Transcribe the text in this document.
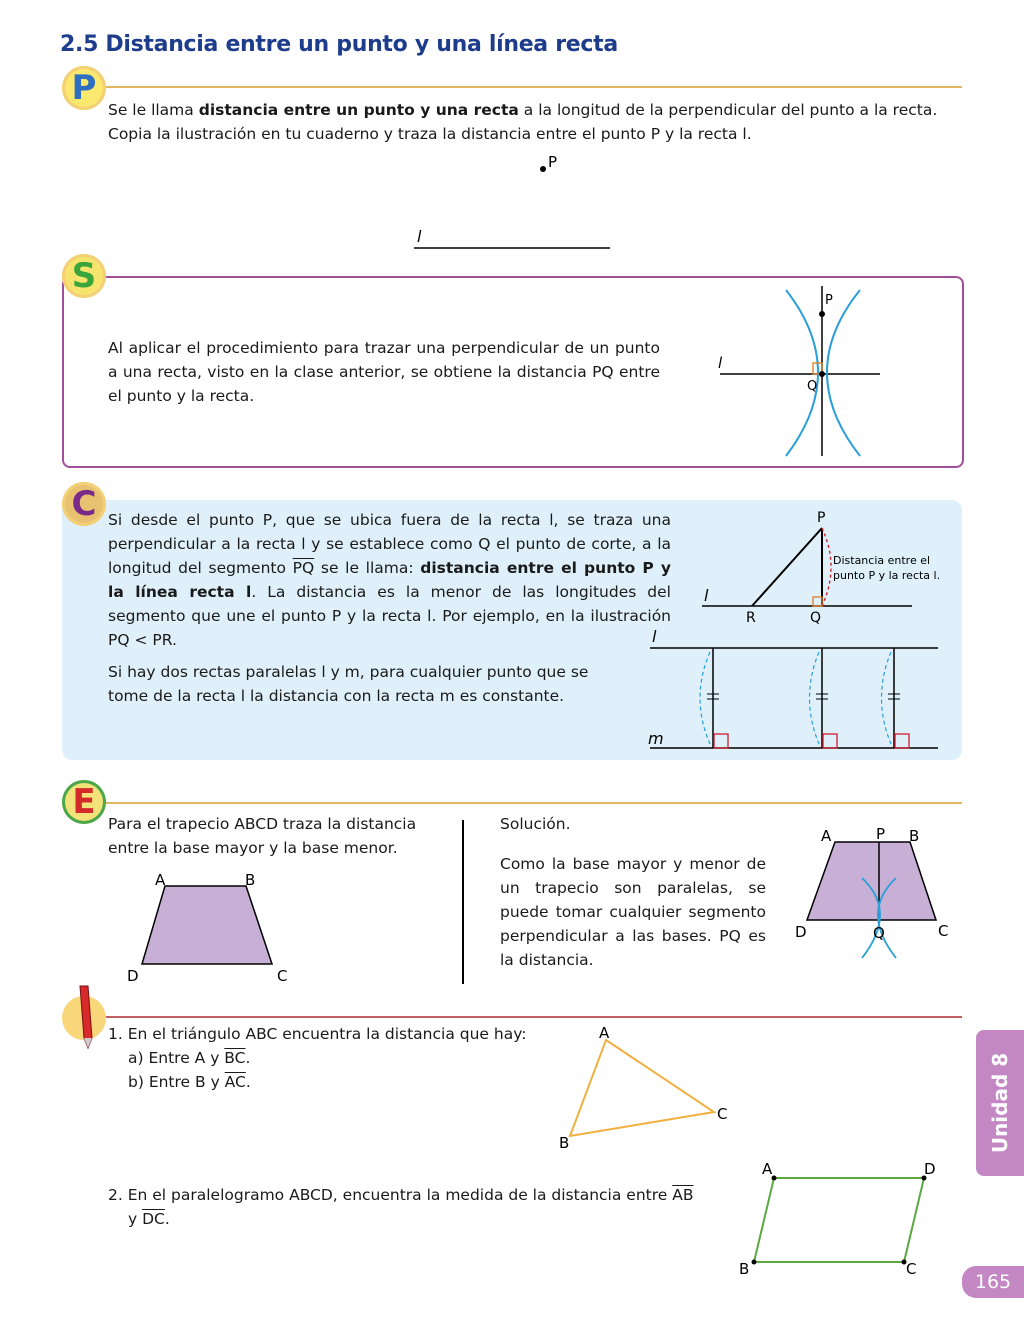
2.5 Distancia entre un punto y una línea recta
P
Se le llama distancia entre un punto y una recta a la longitud de la perpendicular del punto a la recta.
Copia la ilustración en tu cuaderno y traza la distancia entre el punto P y la recta l.
P
l
S
Al aplicar el procedimiento para trazar una perpendicular de un punto a una recta, visto en la clase anterior, se obtiene la distancia PQ entre el punto y la recta.
P
Q
l
C Si desde el punto P, que se ubica fuera de la recta l, se traza una perpendicular a la recta l y se establece como Q el punto de corte, a la longitud del segmento $\overline{PQ}$ se le llama: distancia entre el punto P y la línea recta l. La distancia es la menor de las longitudes del segmento que une el punto P y la recta l. Por ejemplo, en la ilustración PQ < PR.
Si hay dos rectas paralelas l y m, para cualquier punto que se tome de la recta l la distancia con la recta m es constante.
P
R	Q
l
Distancia entre el
punto P y la recta l.
l
m
E
Para el trapecio ABCD traza la distancia entre la base mayor y la base menor.
A	B
C
D
Solución.
Como la base mayor y menor de un trapecio son paralelas, se puede tomar cualquier segmento perpendicular a las bases. PQ es la distancia.
A	P B
C
D	Q
1. En el triángulo ABC encuentra la distancia que hay:
a) Entre A y $\overline{BC}$.
b) Entre B y $\overline{AC}$.
A
C
B
2. En el paralelogramo ABCD, encuentra la medida de la distancia entre $\overline{AB}$
y $\overline{DC}$.
A	D
C
B
Unidad 8
165
